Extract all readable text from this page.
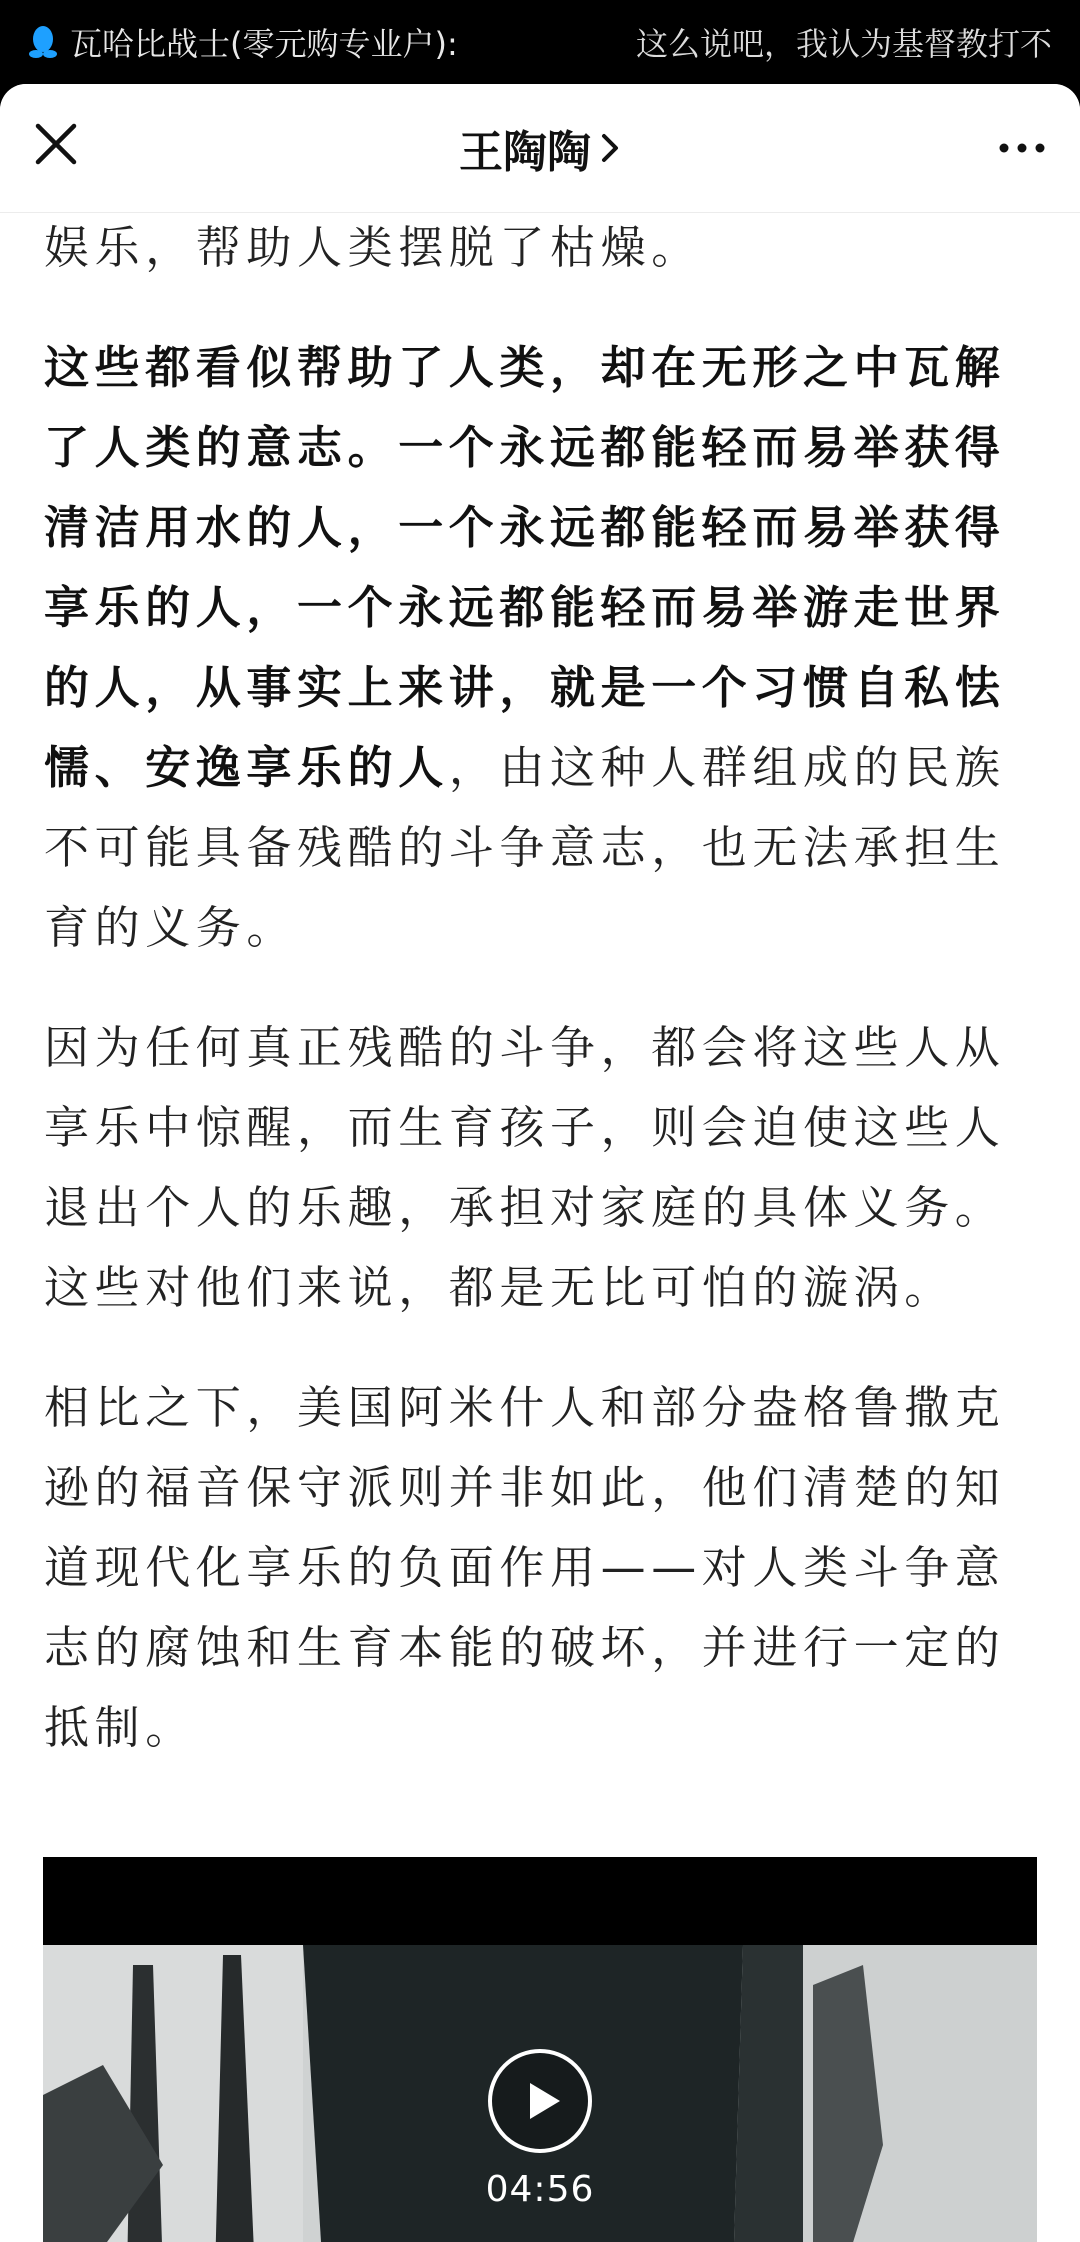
瓦哈比战士(零元购专业户):	这么说吧，我认为基督教打不
王陶陶

娱乐，帮助人类摆脱了枯燥。

这些都看似帮助了人类，却在无形之中瓦解了人类的意志。一个永远都能轻而易举获得清洁用水的人，一个永远都能轻而易举获得享乐的人，一个永远都能轻而易举游走世界的人，从事实上来讲，就是一个习惯自私怯懦、安逸享乐的人，由这种人群组成的民族不可能具备残酷的斗争意志，也无法承担生育的义务。

因为任何真正残酷的斗争，都会将这些人从享乐中惊醒，而生育孩子，则会迫使这些人退出个人的乐趣，承担对家庭的具体义务。这些对他们来说，都是无比可怕的漩涡。

相比之下，美国阿米什人和部分盎格鲁撒克逊的福音保守派则并非如此，他们清楚的知道现代化享乐的负面作用——对人类斗争意志的腐蚀和生育本能的破坏，并进行一定的抵制。

04:56
